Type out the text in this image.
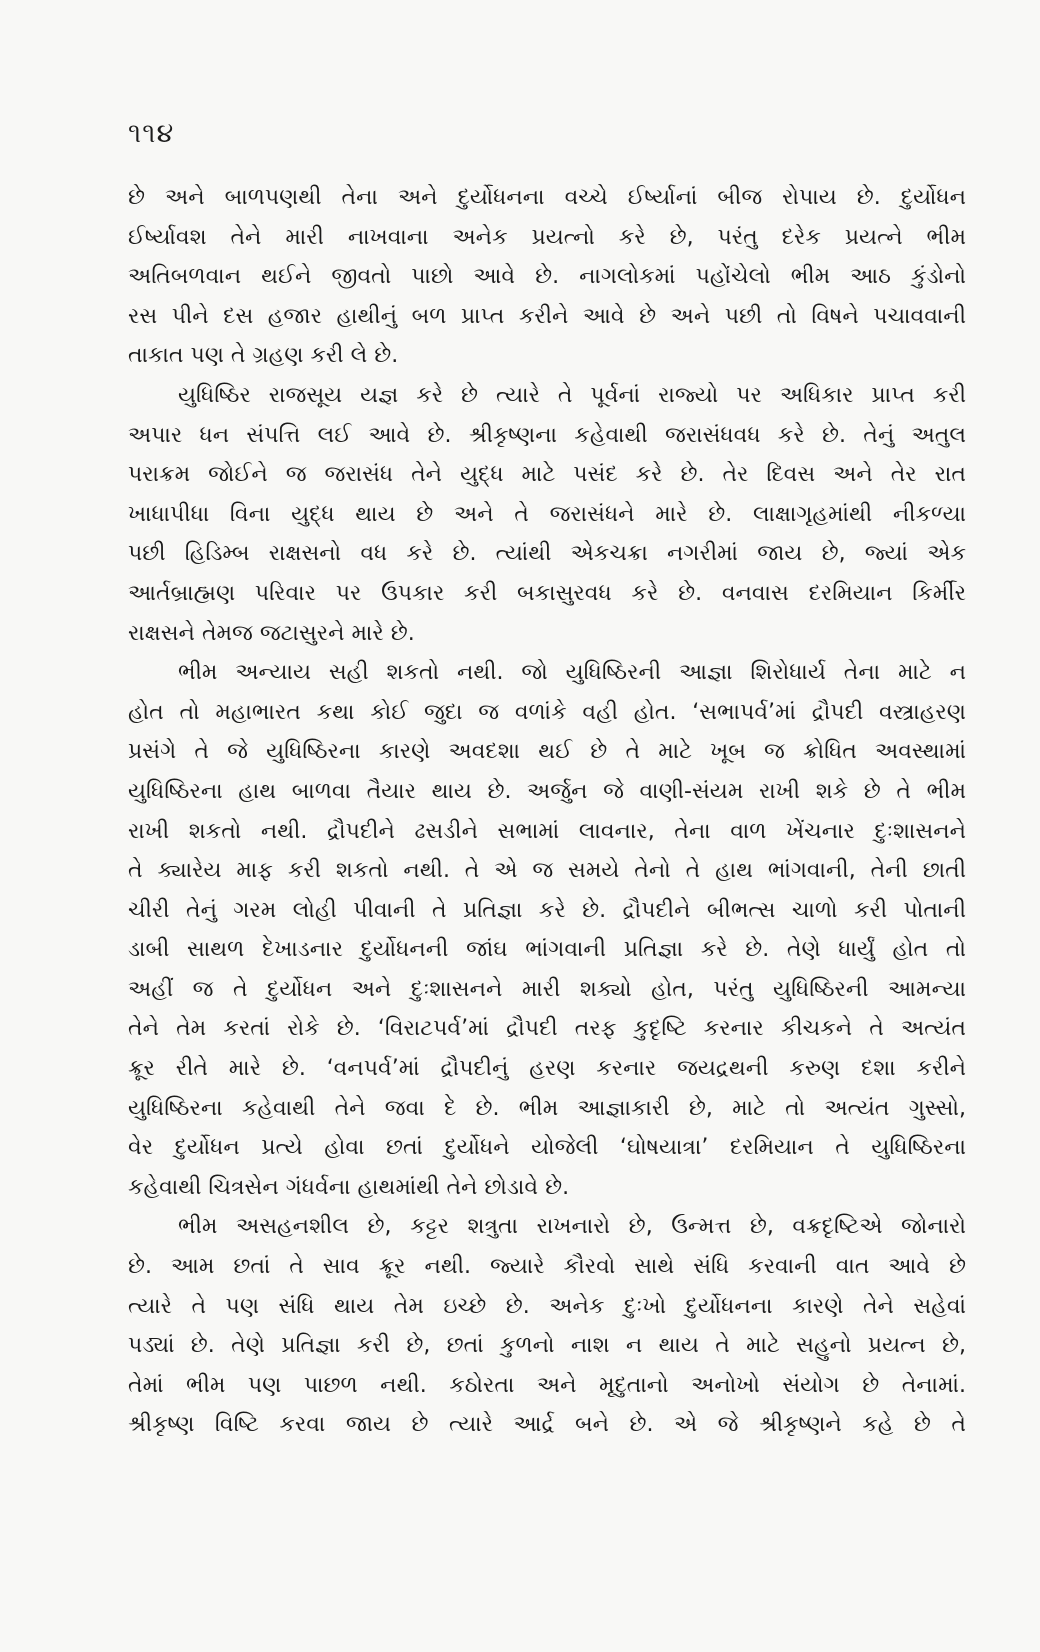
૧૧૪
છે અને બાળપણથી તેના અને દુર્યોધનના વચ્ચે ઈર્ષ્યાનાં બીજ રોપાય છે. દુર્યોધન
ઈર્ષ્યાવશ તેને મારી નાખવાના અનેક પ્રયત્નો કરે છે, પરંતુ દરેક પ્રયત્ને ભીમ
અતિબળવાન થઈને જીવતો પાછો આવે છે. નાગલોકમાં પહોંચેલો ભીમ આઠ કુંડોનો
રસ પીને દસ હજાર હાથીનું બળ પ્રાપ્ત કરીને આવે છે અને પછી તો વિષને પચાવવાની
તાકાત પણ તે ગ્રહણ કરી લે છે.
યુધિષ્ઠિર રાજસૂય યજ્ઞ કરે છે ત્યારે તે પૂર્વનાં રાજ્યો પર અધિકાર પ્રાપ્ત કરી
અપાર ધન સંપત્તિ લઈ આવે છે. શ્રીકૃષ્ણના કહેવાથી જરાસંધવધ કરે છે. તેનું અતુલ
પરાક્રમ જોઈને જ જરાસંધ તેને યુદ્ધ માટે પસંદ કરે છે. તેર દિવસ અને તેર રાત
ખાધાપીધા વિના યુદ્ધ થાય છે અને તે જરાસંધને મારે છે. લાક્ષાગૃહમાંથી નીકળ્યા
પછી હિડિમ્બ રાક્ષસનો વધ કરે છે. ત્યાંથી એકચક્રા નગરીમાં જાય છે, જ્યાં એક
આર્તબ્રાહ્મણ પરિવાર પર ઉપકાર કરી બકાસુરવધ કરે છે. વનવાસ દરમિયાન કિર્મીર
રાક્ષસને તેમજ જટાસુરને મારે છે.
ભીમ અન્યાય સહી શકતો નથી. જો યુધિષ્ઠિરની આજ્ઞા શિરોધાર્ય તેના માટે ન
હોત તો મહાભારત કથા કોઈ જુદા જ વળાંકે વહી હોત. ‘સભાપર્વ’માં દ્રૌપદી વસ્ત્રાહરણ
પ્રસંગે તે જે યુધિષ્ઠિરના કારણે અવદશા થઈ છે તે માટે ખૂબ જ ક્રોધિત અવસ્થામાં
યુધિષ્ઠિરના હાથ બાળવા તૈયાર થાય છે. અર્જુન જે વાણી-સંયમ રાખી શકે છે તે ભીમ
રાખી શકતો નથી. દ્રૌપદીને ઢસડીને સભામાં લાવનાર, તેના વાળ ખેંચનાર દુઃશાસનને
તે ક્યારેય માફ કરી શકતો નથી. તે એ જ સમયે તેનો તે હાથ ભાંગવાની, તેની છાતી
ચીરી તેનું ગરમ લોહી પીવાની તે પ્રતિજ્ઞા કરે છે. દ્રૌપદીને બીભત્સ ચાળો કરી પોતાની
ડાબી સાથળ દેખાડનાર દુર્યોધનની જાંઘ ભાંગવાની પ્રતિજ્ઞા કરે છે. તેણે ધાર્યું હોત તો
અહીં જ તે દુર્યોધન અને દુઃશાસનને મારી શક્યો હોત, પરંતુ યુધિષ્ઠિરની આમન્યા
તેને તેમ કરતાં રોકે છે. ‘વિરાટપર્વ’માં દ્રૌપદી તરફ કુદૃષ્ટિ કરનાર કીચકને તે અત્યંત
ક્રૂર રીતે મારે છે. ‘વનપર્વ’માં દ્રૌપદીનું હરણ કરનાર જયદ્રથની કરુણ દશા કરીને
યુધિષ્ઠિરના કહેવાથી તેને જવા દે છે. ભીમ આજ્ઞાકારી છે, માટે તો અત્યંત ગુસ્સો,
વેર દુર્યોધન પ્રત્યે હોવા છતાં દુર્યોધને યોજેલી ‘ઘોષયાત્રા’ દરમિયાન તે યુધિષ્ઠિરના
કહેવાથી ચિત્રસેન ગંધર્વના હાથમાંથી તેને છોડાવે છે.
ભીમ અસહનશીલ છે, કટ્ટર શત્રુતા રાખનારો છે, ઉન્મત્ત છે, વક્રદૃષ્ટિએ જોનારો
છે. આમ છતાં તે સાવ ક્રૂર નથી. જ્યારે કૌરવો સાથે સંધિ કરવાની વાત આવે છે
ત્યારે તે પણ સંધિ થાય તેમ ઇચ્છે છે. અનેક દુઃખો દુર્યોધનના કારણે તેને સહેવાં
પડ્યાં છે. તેણે પ્રતિજ્ઞા કરી છે, છતાં કુળનો નાશ ન થાય તે માટે સહુનો પ્રયત્ન છે,
તેમાં ભીમ પણ પાછળ નથી. કઠોરતા અને મૃદુતાનો અનોખો સંયોગ છે તેનામાં.
શ્રીકૃષ્ણ વિષ્ટિ કરવા જાય છે ત્યારે આર્દ્ર બને છે. એ જે શ્રીકૃષ્ણને કહે છે તે
